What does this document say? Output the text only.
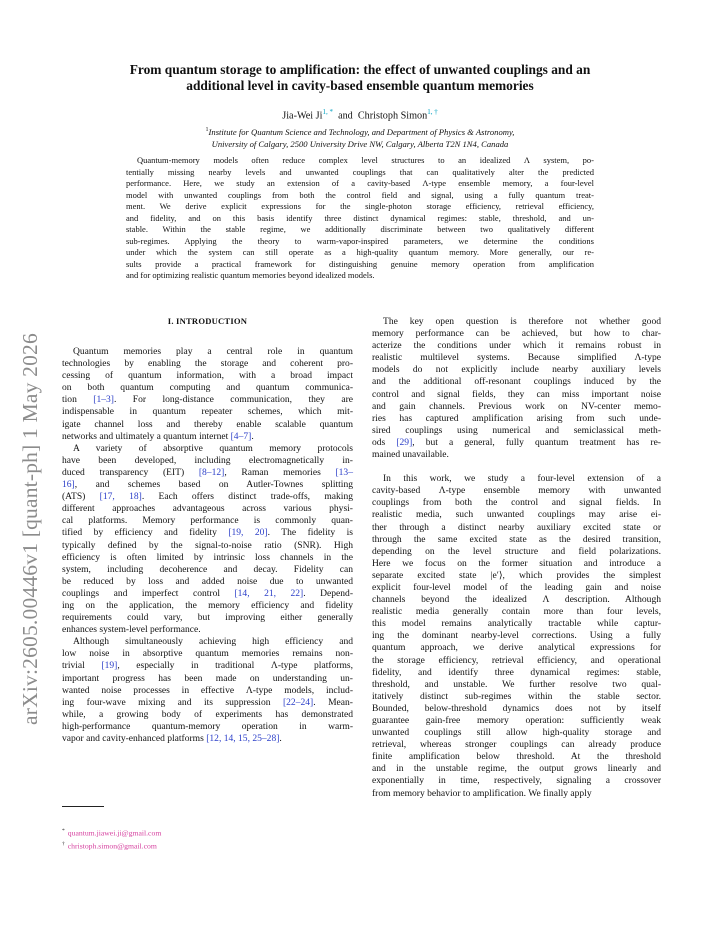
arXiv:2605.00446v1 [quant-ph] 1 May 2026
From quantum storage to amplification: the effect of unwanted couplings and an
additional level in cavity-based ensemble quantum memories
Jia-Wei $Ji^{1, *}$ and Christoph Simon$^{1, \dagger}$
$^1$Institute for Quantum Science and Technology, and Department of Physics & Astronomy,
University of Calgary, 2500 University Drive NW, Calgary, Alberta T2N 1N4, Canada
Quantum-memory models often reduce complex level structures to an idealized Λ system, po-
tentially missing nearby levels and unwanted couplings that can qualitatively alter the predicted
performance. Here, we study an extension of a cavity-based Λ-type ensemble memory, a four-level
model with unwanted couplings from both the control field and signal, using a fully quantum treat-
ment. We derive explicit expressions for the single-photon storage efficiency, retrieval efficiency,
and fidelity, and on this basis identify three distinct dynamical regimes: stable, threshold, and un-
stable. Within the stable regime, we additionally discriminate between two qualitatively different
sub-regimes. Applying the theory to warm-vapor-inspired parameters, we determine the conditions
under which the system can still operate as a high-quality quantum memory. More generally, our re-
sults provide a practical framework for distinguishing genuine memory operation from amplification
and for optimizing realistic quantum memories beyond idealized models.
I. INTRODUCTION
Quantum memories play a central role in quantum
technologies by enabling the storage and coherent pro-
cessing of quantum information, with a broad impact
on both quantum computing and quantum communica-
tion [1–3]. For long-distance communication, they are
indispensable in quantum repeater schemes, which mit-
igate channel loss and thereby enable scalable quantum
networks and ultimately a quantum internet [4–7].
A variety of absorptive quantum memory protocols
have been developed, including electromagnetically in-
duced transparency (EIT) [8–12], Raman memories [13–
16], and schemes based on Autler-Townes splitting
(ATS) [17, 18]. Each offers distinct trade-offs, making
different approaches advantageous across various physi-
cal platforms. Memory performance is commonly quan-
tified by efficiency and fidelity [19, 20]. The fidelity is
typically defined by the signal-to-noise ratio (SNR). High
efficiency is often limited by intrinsic loss channels in the
system, including decoherence and decay. Fidelity can
be reduced by loss and added noise due to unwanted
couplings and imperfect control [14, 21, 22]. Depend-
ing on the application, the memory efficiency and fidelity
requirements could vary, but improving either generally
enhances system-level performance.
Although simultaneously achieving high efficiency and
low noise in absorptive quantum memories remains non-
trivial [19], especially in traditional Λ-type platforms,
important progress has been made on understanding un-
wanted noise processes in effective Λ-type models, includ-
ing four-wave mixing and its suppression [22–24]. Mean-
while, a growing body of experiments has demonstrated
high-performance quantum-memory operation in warm-
vapor and cavity-enhanced platforms [12, 14, 15, 25–28].
The key open question is therefore not whether good
memory performance can be achieved, but how to char-
acterize the conditions under which it remains robust in
realistic multilevel systems. Because simplified Λ-type
models do not explicitly include nearby auxiliary levels
and the additional off-resonant couplings induced by the
control and signal fields, they can miss important noise
and gain channels. Previous work on NV-center memo-
ries has captured amplification arising from such unde-
sired couplings using numerical and semiclassical meth-
ods [29], but a general, fully quantum treatment has re-
mained unavailable.
In this work, we study a four-level extension of a
cavity-based Λ-type ensemble memory with unwanted
couplings from both the control and signal fields. In
realistic media, such unwanted couplings may arise ei-
ther through a distinct nearby auxiliary excited state or
through the same excited state as the desired transition,
depending on the level structure and field polarizations.
Here we focus on the former situation and introduce a
separate excited state |e′⟩, which provides the simplest
explicit four-level model of the leading gain and noise
channels beyond the idealized Λ description. Although
realistic media generally contain more than four levels,
this model remains analytically tractable while captur-
ing the dominant nearby-level corrections. Using a fully
quantum approach, we derive analytical expressions for
the storage efficiency, retrieval efficiency, and operational
fidelity, and identify three dynamical regimes: stable,
threshold, and unstable. We further resolve two qual-
itatively distinct sub-regimes within the stable sector.
Bounded, below-threshold dynamics does not by itself
guarantee gain-free memory operation: sufficiently weak
unwanted couplings still allow high-quality storage and
retrieval, whereas stronger couplings can already produce
finite amplification below threshold. At the threshold
and in the unstable regime, the output grows linearly and
exponentially in time, respectively, signaling a crossover
from memory behavior to amplification. We finally apply
* quantum.jiawei.ji@gmail.com
† christoph.simon@gmail.com
